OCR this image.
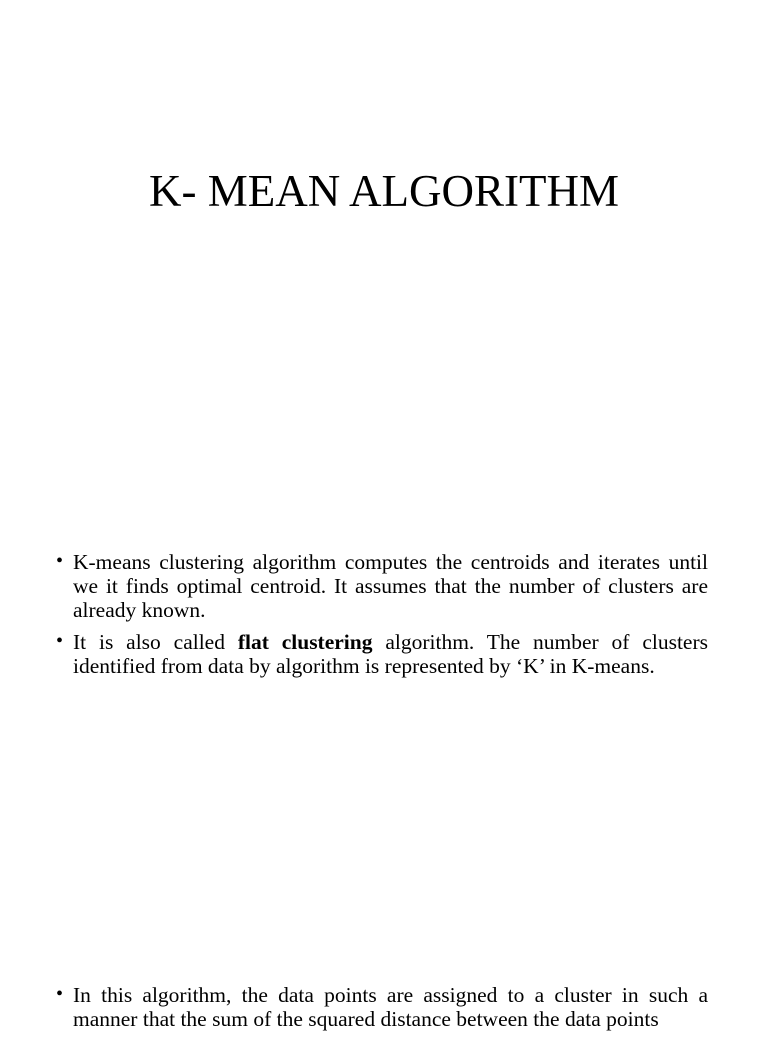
K- MEAN ALGORITHM
• K-means clustering algorithm computes the centroids and iterates until we it finds optimal centroid. It assumes that the number of clusters are already known.
• It is also called flat clustering algorithm. The number of clusters identified from data by algorithm is represented by ‘K’ in K-means.
• In this algorithm, the data points are assigned to a cluster in such a manner that the sum of the squared distance between the data points
